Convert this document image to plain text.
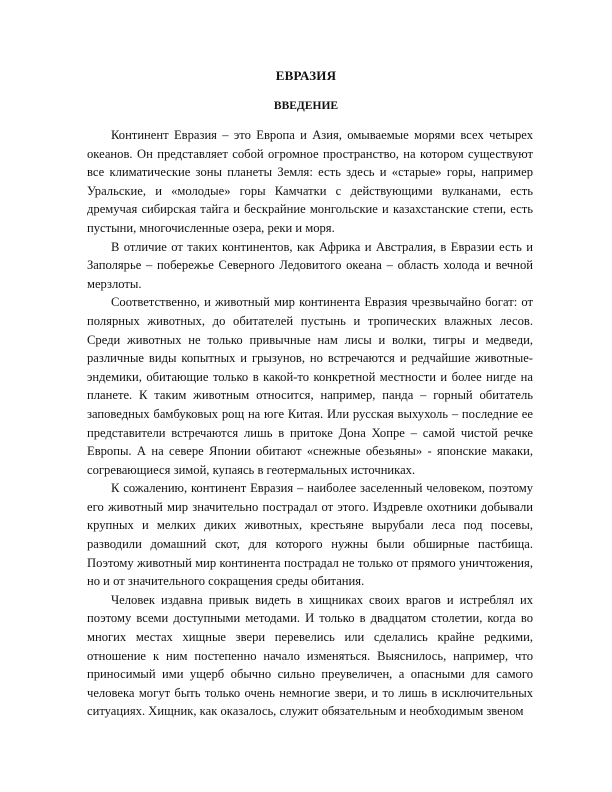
ЕВРАЗИЯ
ВВЕДЕНИЕ

Континент Евразия – это Европа и Азия, омываемые морями всех четырех океанов. Он представляет собой огромное пространство, на котором существуют все климатические зоны планеты Земля: есть здесь и «старые» горы, например Уральские, и «молодые» горы Камчатки с действующими вулканами, есть дремучая сибирская тайга и бескрайние монгольские и казахстанские степи, есть пустыни, многочисленные озера, реки и моря.

В отличие от таких континентов, как Африка и Австралия, в Евразии есть и Заполярье – побережье Северного Ледовитого океана – область холода и вечной мерзлоты.

Соответственно, и животный мир континента Евразия чрезвычайно богат: от полярных животных, до обитателей пустынь и тропических влажных лесов. Среди животных не только привычные нам лисы и волки, тигры и медведи, различные виды копытных и грызунов, но встречаются и редчайшие животные-эндемики, обитающие только в какой-то конкретной местности и более нигде на планете. К таким животным относится, например, панда – горный обитатель заповедных бамбуковых рощ на юге Китая. Или русская выхухоль – последние ее представители встречаются лишь в притоке Дона Хопре – самой чистой речке Европы. А на севере Японии обитают «снежные обезьяны» - японские макаки, согревающиеся зимой, купаясь в геотермальных источниках.

К сожалению, континент Евразия – наиболее заселенный человеком, поэтому его животный мир значительно пострадал от этого. Издревле охотники добывали крупных и мелких диких животных, крестьяне вырубали леса под посевы, разводили домашний скот, для которого нужны были обширные пастбища. Поэтому животный мир континента пострадал не только от прямого уничтожения, но и от значительного сокращения среды обитания.

Человек издавна привык видеть в хищниках своих врагов и истреблял их поэтому всеми доступными методами. И только в двадцатом столетии, когда во многих местах хищные звери перевелись или сделались крайне редкими, отношение к ним постепенно начало изменяться. Выяснилось, например, что приносимый ими ущерб обычно сильно преувеличен, а опасными для самого человека могут быть только очень немногие звери, и то лишь в исключительных ситуациях. Хищник, как оказалось, служит обязательным и необходимым звеном
